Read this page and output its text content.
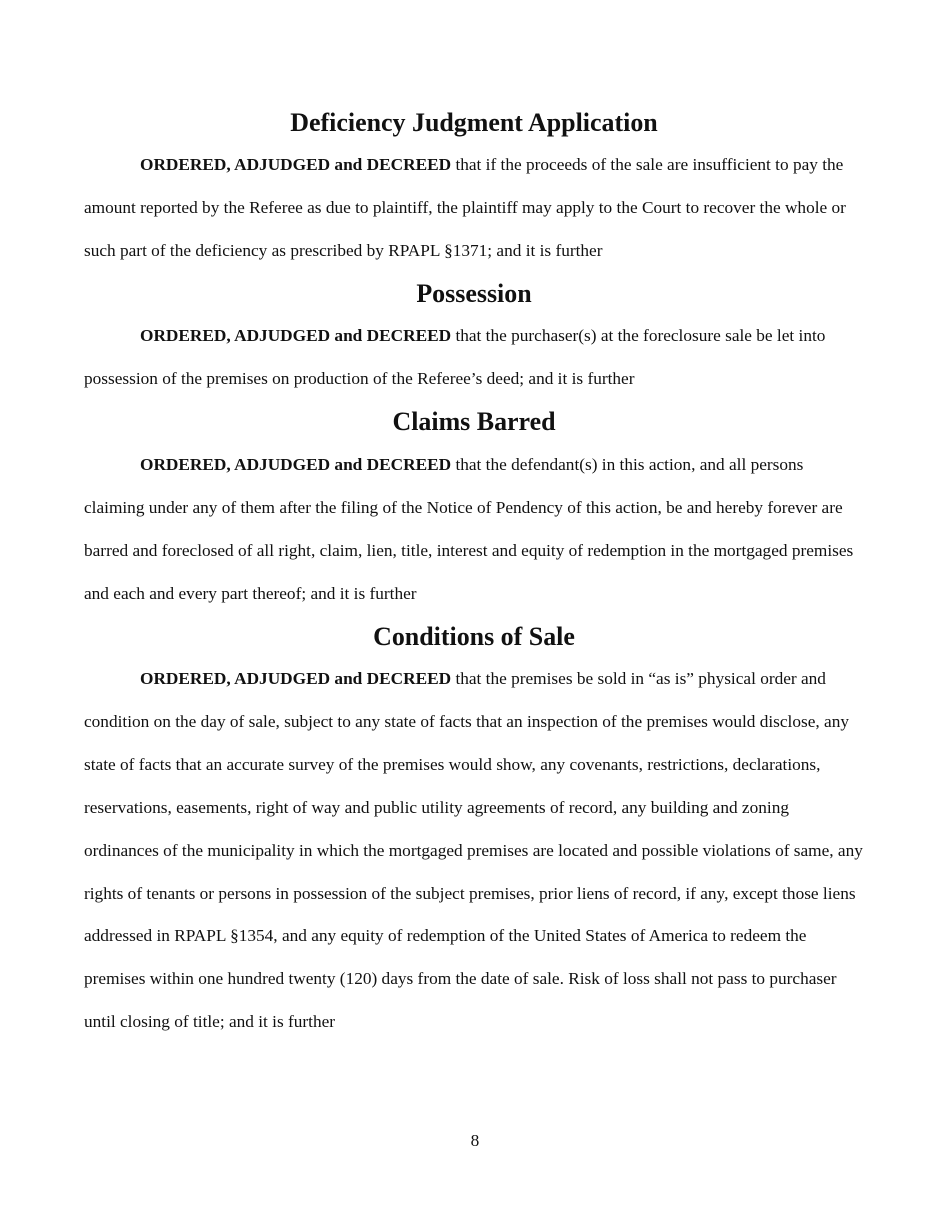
Deficiency Judgment Application

ORDERED, ADJUDGED and DECREED that if the proceeds of the sale are insufficient to pay the amount reported by the Referee as due to plaintiff, the plaintiff may apply to the Court to recover the whole or such part of the deficiency as prescribed by RPAPL §1371; and it is further

Possession

ORDERED, ADJUDGED and DECREED that the purchaser(s) at the foreclosure sale be let into possession of the premises on production of the Referee’s deed; and it is further

Claims Barred

ORDERED, ADJUDGED and DECREED that the defendant(s) in this action, and all persons claiming under any of them after the filing of the Notice of Pendency of this action, be and hereby forever are barred and foreclosed of all right, claim, lien, title, interest and equity of redemption in the mortgaged premises and each and every part thereof; and it is further

Conditions of Sale

ORDERED, ADJUDGED and DECREED that the premises be sold in “as is” physical order and condition on the day of sale, subject to any state of facts that an inspection of the premises would disclose, any state of facts that an accurate survey of the premises would show, any covenants, restrictions, declarations, reservations, easements, right of way and public utility agreements of record, any building and zoning ordinances of the municipality in which the mortgaged premises are located and possible violations of same, any rights of tenants or persons in possession of the subject premises, prior liens of record, if any, except those liens addressed in RPAPL §1354, and any equity of redemption of the United States of America to redeem the premises within one hundred twenty (120) days from the date of sale. Risk of loss shall not pass to purchaser until closing of title; and it is further

8
